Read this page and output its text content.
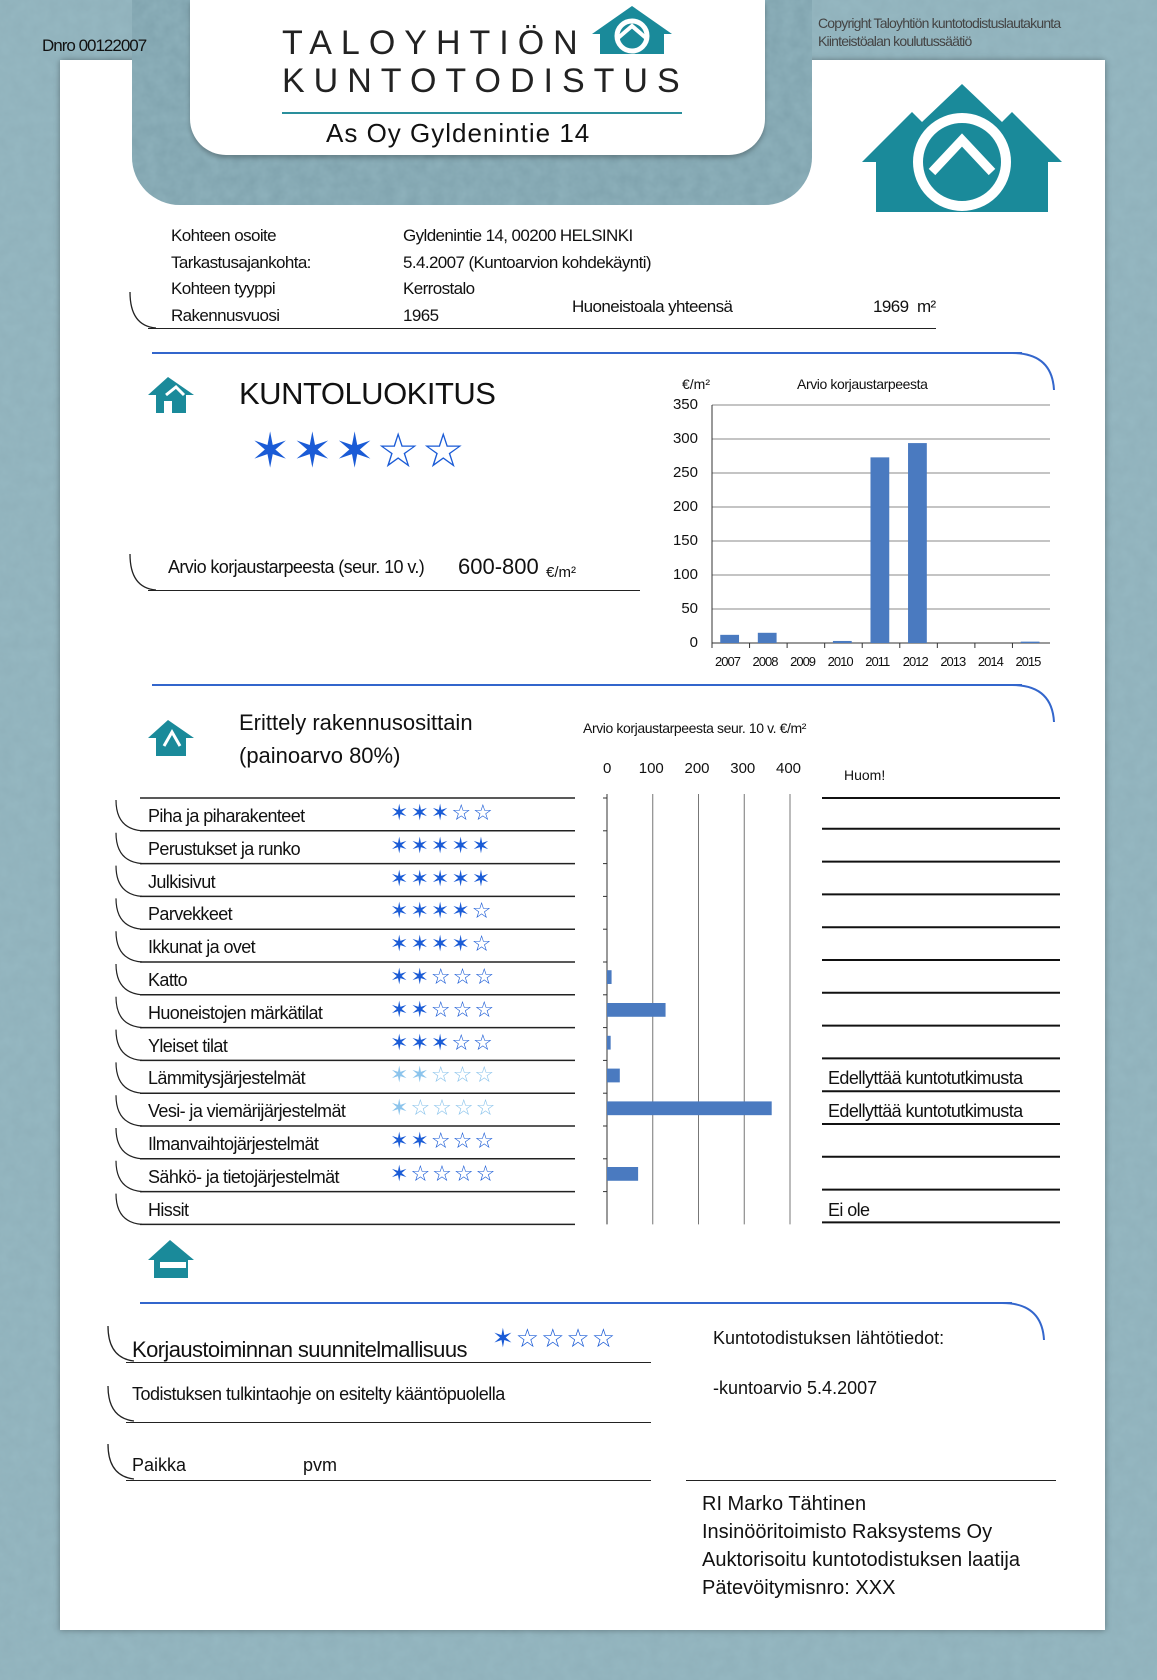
Dnro 00122007
Copyright Taloyhtiön kuntotodistuslautakunta
Kiinteistöalan koulutussäätiö
TALOYHTIÖN
KUNTOTODISTUS
As Oy Gyldenintie 14
Kohteen osoite	Gyldenintie 14, 00200 HELSINKI
Tarkastusajankohta:	5.4.2007 (Kuntoarvion kohdekäynti)
Kohteen tyyppi	Kerrostalo
Rakennusvuosi	1965	Huoneistoala yhteensä	1969 m²
KUNTOLUOKITUS
✶✶✶☆☆
Arvio korjaustarpeesta (seur. 10 v.) 600-800 €/m²
€/m²	Arvio korjaustarpeesta
350
300
250
200
150
100
50
0
2007 2008 2009 2010 2011 2012 2013 2014 2015
Erittely rakennusosittain
(painoarvo 80%)
Arvio korjaustarpeesta seur. 10 v. €/m²
Huom!
Piha ja piharakenteet	✶✶✶☆☆
Perustukset ja runko	✶✶✶✶✶
Julkisivut	✶✶✶✶✶
Parvekkeet	✶✶✶✶☆
Ikkunat ja ovet	✶✶✶✶☆
Katto	✶✶☆☆☆
Huoneistojen märkätilat	✶✶☆☆☆
Yleiset tilat	✶✶✶☆☆
Lämmitysjärjestelmät	✶✶☆☆☆	Edellyttää kuntotutkimusta
Vesi- ja viemärijärjestelmät ✶☆☆☆☆	Edellyttää kuntotutkimusta
Ilmanvaihtojärjestelmät	✶✶☆☆☆
Sähkö- ja tietojärjestelmät ✶☆☆☆☆
Hissit	Ei ole
0 100 200 300 400
Korjaustoiminnan suunnitelmallisuus ✶☆☆☆☆
Todistuksen tulkintaohje on esitelty kääntöpuolella
Paikka	pvm
Kuntotodistuksen lähtötiedot:
-kuntoarvio 5.4.2007
RI Marko Tähtinen
Insinööritoimisto Raksystems Oy
Auktorisoitu kuntotodistuksen laatija
Pätevöitymisnro: XXX
